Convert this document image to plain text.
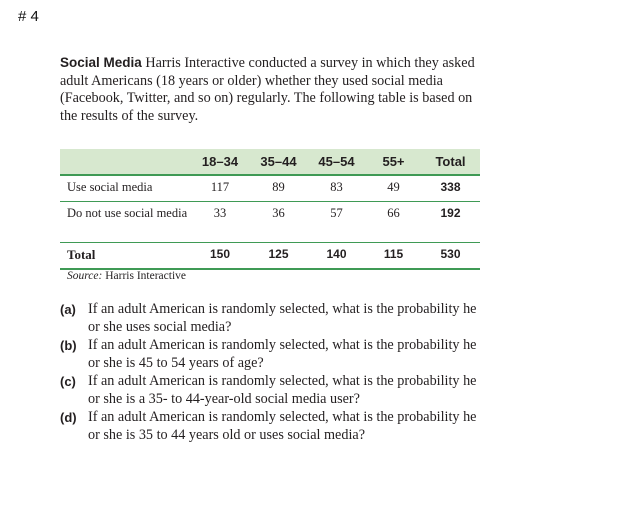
# 4
Social Media Harris Interactive conducted a survey in which they asked adult Americans (18 years or older) whether they used social media (Facebook, Twitter, and so on) regularly. The following table is based on the results of the survey.
	18–34	35–44	45–54	55+	Total
Use social media	117	89	83	49	338
Do not use social media	33	36	57	66	192
Total	150	125	140	115	530
Source: Harris Interactive
(a) If an adult American is randomly selected, what is the probability he or she uses social media?
(b) If an adult American is randomly selected, what is the probability he or she is 45 to 54 years of age?
(c) If an adult American is randomly selected, what is the probability he or she is a 35- to 44-year-old social media user?
(d) If an adult American is randomly selected, what is the probability he or she is 35 to 44 years old or uses social media?
